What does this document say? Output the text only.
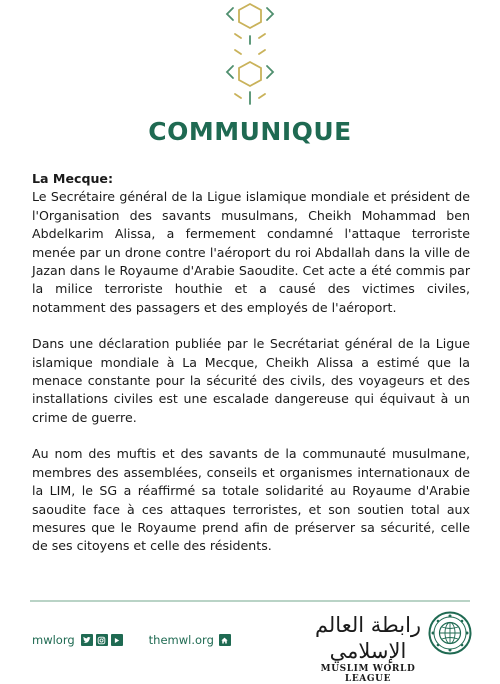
COMMUNIQUE

La Mecque:
Le Secrétaire général de la Ligue islamique mondiale et président de l'Organisation des savants musulmans, Cheikh Mohammad ben Abdelkarim Alissa, a fermement condamné l'attaque terroriste menée par un drone contre l'aéroport du roi Abdallah dans la ville de Jazan dans le Royaume d'Arabie Saoudite. Cet acte a été commis par la milice terroriste houthie et a causé des victimes civiles, notamment des passagers et des employés de l'aéroport.

Dans une déclaration publiée par le Secrétariat général de la Ligue islamique mondiale à La Mecque, Cheikh Alissa a estimé que la menace constante pour la sécurité des civils, des voyageurs et des installations civiles est une escalade dangereuse qui équivaut à un crime de guerre.

Au nom des muftis et des savants de la communauté musulmane, membres des assemblées, conseils et organismes internationaux de la LIM, le SG a réaffirmé sa totale solidarité au Royaume d'Arabie saoudite face à ces attaques terroristes, et son soutien total aux mesures que le Royaume prend afin de préserver sa sécurité, celle de ses citoyens et celle des résidents.

mwlorg	themwl.org
رابطة العالم الإسلامي
MUSLIM WORLD LEAGUE
